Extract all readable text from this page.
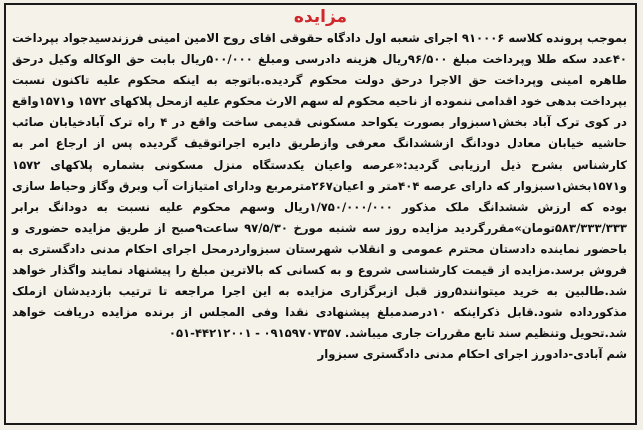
مزایده

بموجب پرونده کلاسه ۹۱۰۰۰۶ اجرای شعبه اول دادگاه حقوقی اقای روح الامین امینی فرزندسیدجواد بپرداخت ۴۰عدد سکه طلا وپرداخت مبلغ ۹۶/۵۰۰ریال هزینه دادرسی ومبلغ ۵۰۰/۰۰۰ریال بابت حق الوکاله وکیل درحق طاهره امینی وپرداخت حق الاجرا درحق دولت محکوم گردیده.باتوجه به اینکه محکوم علیه تاکنون نسبت بپرداخت بدهی خود اقدامی ننموده از ناحیه محکوم له سهم الارث محکوم علیه ازمحل پلاکهای ۱۵۷۲ و۱۵۷۱واقع در کوی ترک آباد بخش۱سبزوار بصورت یکواحد مسکونی قدیمی ساخت واقع در ۴ راه ترک آبادخیابان صائب حاشیه خیابان معادل دودانگ ازششدانگ معرفی وازطریق دایره اجراتوقیف گردیده پس از ارجاع امر به کارشناس بشرح ذیل ارزیابی گردید:«عرصه واعیان یکدستگاه منزل مسکونی بشماره پلاکهای ۱۵۷۲ و۱۵۷۱بخش۱سبزوار که دارای عرصه ۴۰۴متر و اعیان۲۶۷مترمربع ودارای امتیازات آب وبرق وگاز وحیاط سازی بوده که ارزش ششدانگ ملک مذکور ۱/۷۵۰/۰۰۰/۰۰۰ریال وسهم محکوم علیه نسبت به دودانگ برابر ۵۸۳/۳۳۳/۳۳۳تومان»مقررگردید مزایده روز سه شنبه مورخ ۹۷/۵/۳۰ ساعت۹صبح از طریق مزایده حضوری و باحضور نماینده دادستان محترم عمومی و انقلاب شهرستان سبزواردرمحل اجرای احکام مدنی دادگستری به فروش برسد.مزایده از قیمت کارشناسی شروع و به کسانی که بالاترین مبلغ را پیشنهاد نمایند واگذار خواهد شد.طالبین به خرید میتوانند۵روز قبل ازبرگزاری مزایده به این اجرا مراجعه تا ترتیب بازدیدشان ازملک مذکورداده شود.قابل ذکراینکه ۱۰درصدمبلغ پیشنهادی نقدا وفی المجلس از برنده مزایده دریافت خواهد شد.تحویل وتنظیم سند تابع مقررات جاری میباشد. ۰۵۱-۴۴۲۱۲۰۰۱ - ۰۹۱۵۹۷۰۷۳۵۷

شم آبادی-دادورز اجرای احکام مدنی دادگستری سبزوار
